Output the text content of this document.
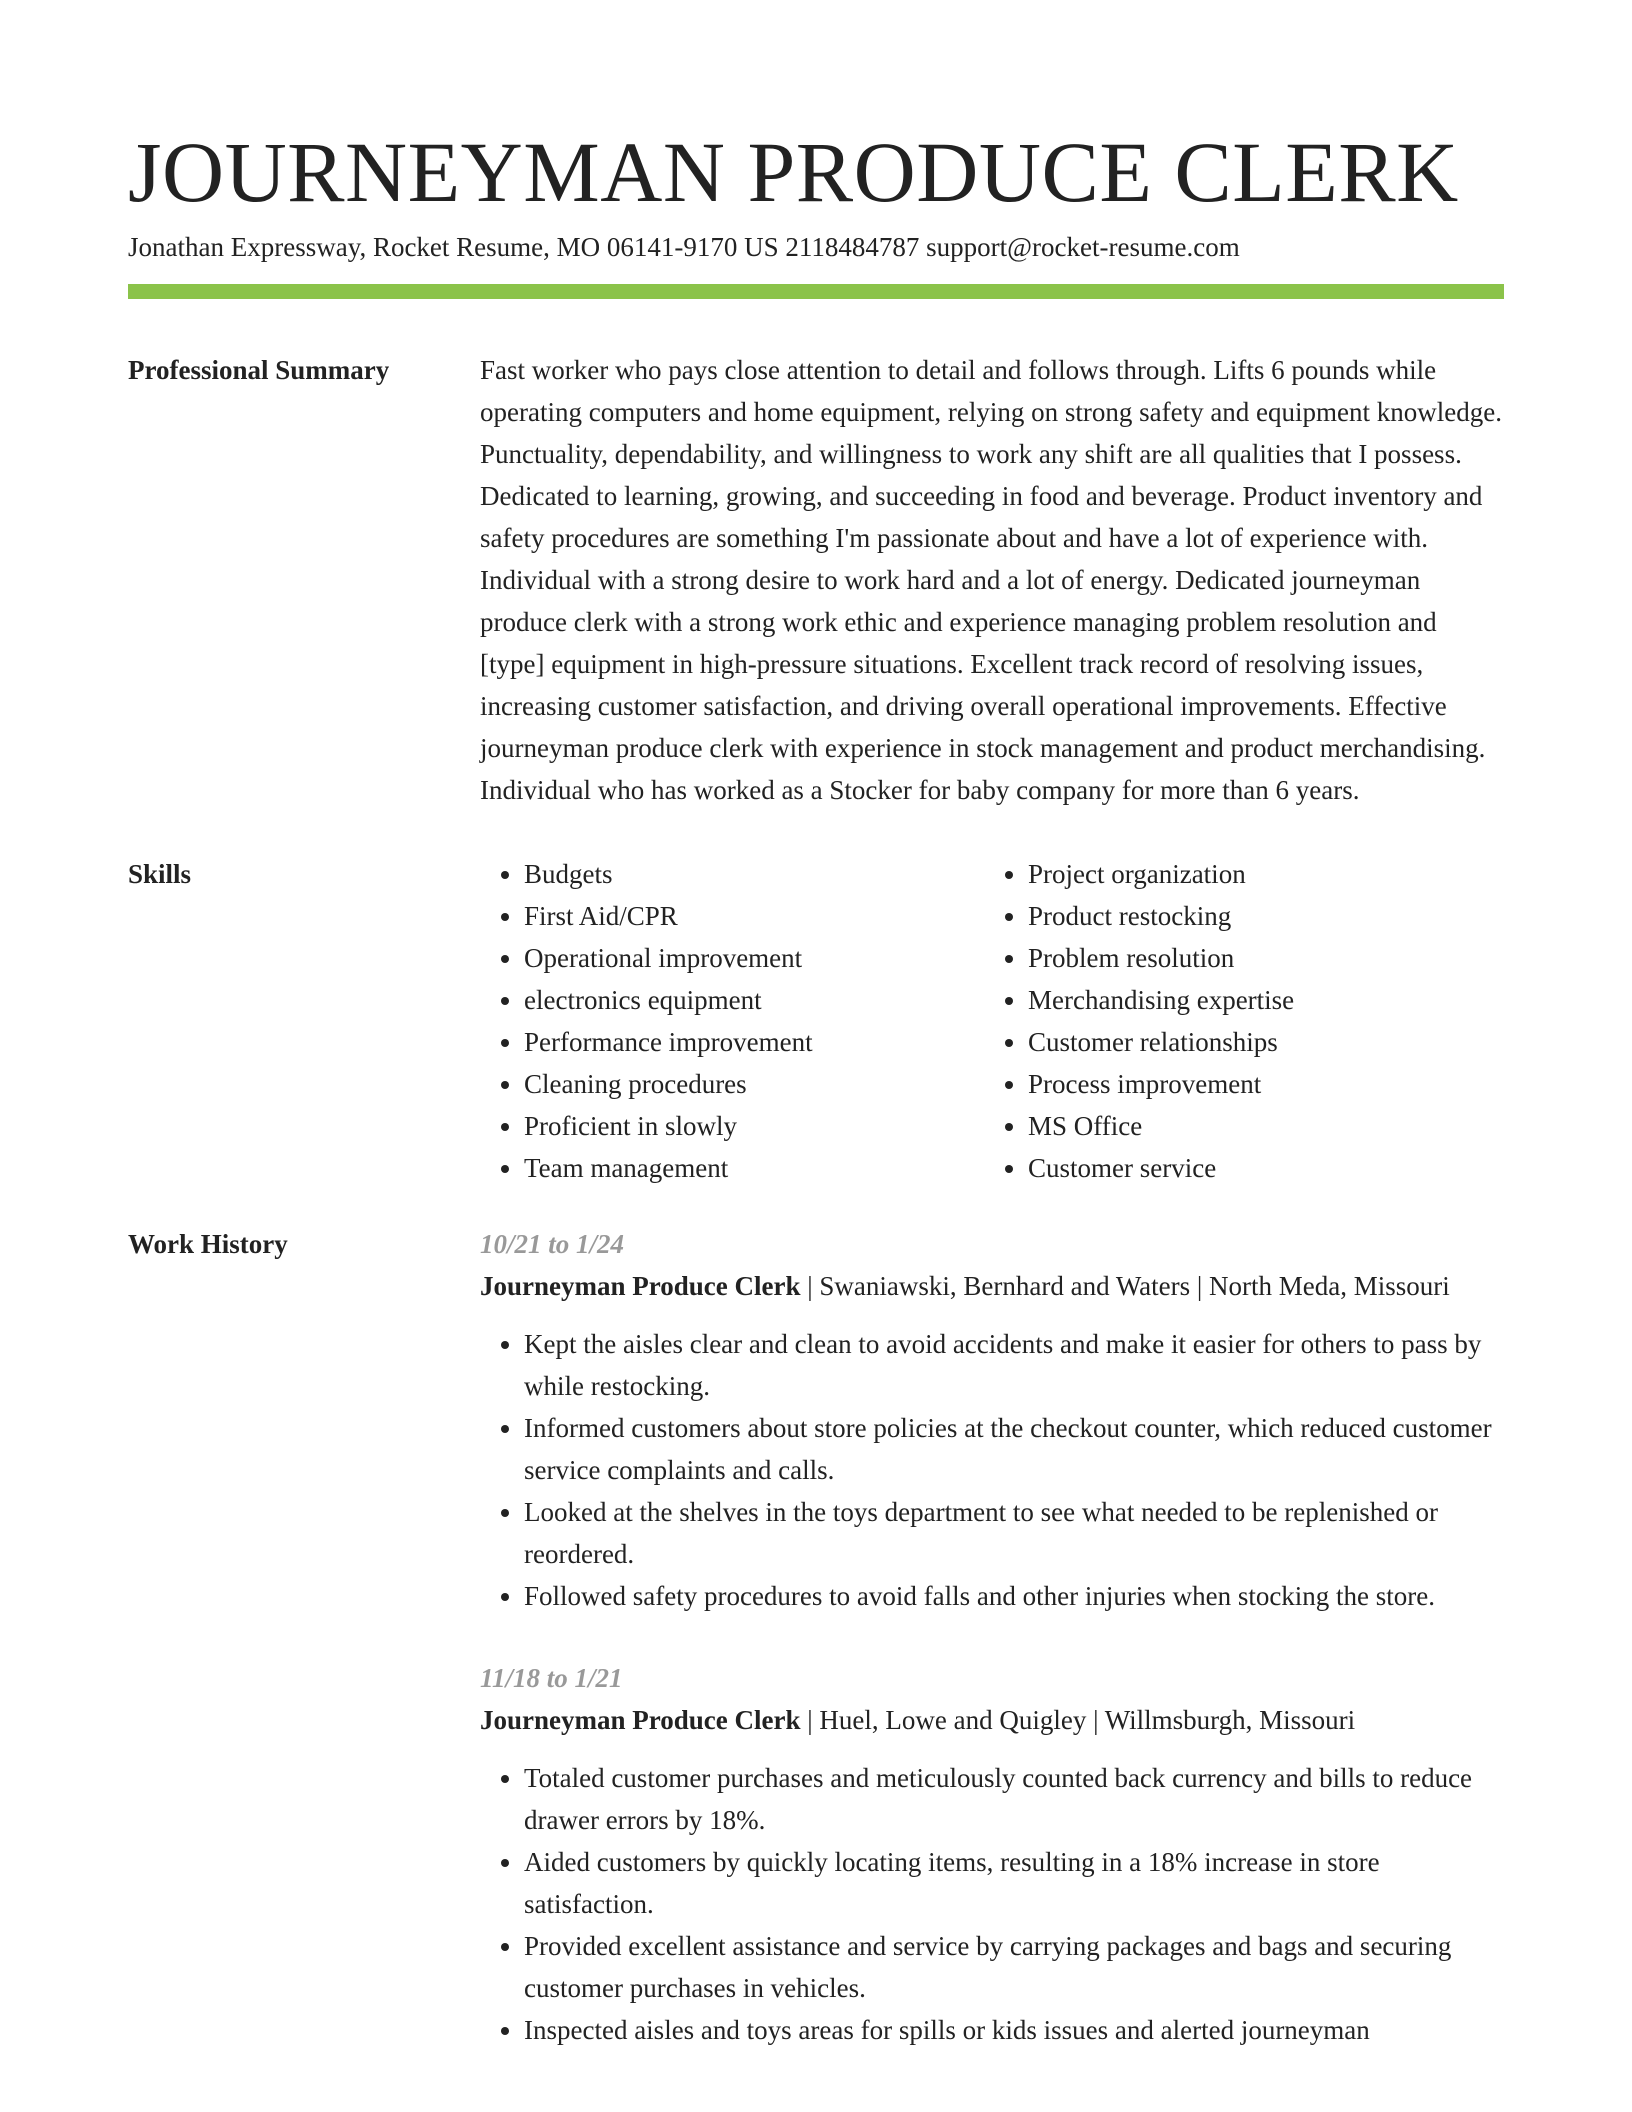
JOURNEYMAN PRODUCE CLERK
Jonathan Expressway, Rocket Resume, MO 06141-9170 US 2118484787 support@rocket-resume.com
Professional Summary	Fast worker who pays close attention to detail and follows through. Lifts 6 pounds while operating computers and home equipment, relying on strong safety and equipment knowledge. Punctuality, dependability, and willingness to work any shift are all qualities that I possess. Dedicated to learning, growing, and succeeding in food and beverage. Product inventory and safety procedures are something I'm passionate about and have a lot of experience with. Individual with a strong desire to work hard and a lot of energy. Dedicated journeyman produce clerk with a strong work ethic and experience managing problem resolution and [type] equipment in high-pressure situations. Excellent track record of resolving issues, increasing customer satisfaction, and driving overall operational improvements. Effective journeyman produce clerk with experience in stock management and product merchandising. Individual who has worked as a Stocker for baby company for more than 6 years.

Skills
•	Budgets
• First Aid/CPR
• Operational improvement
• electronics equipment
• Performance improvement
• Cleaning procedures
• Proficient in slowly
• Team management
• Project organization
• Product restocking
• Problem resolution
• Merchandising expertise
• Customer relationships
• Process improvement
• MS Office
• Customer service
Work History	10/21 to 1/24
Journeyman Produce Clerk | Swaniawski, Bernhard and Waters | North Meda, Missouri
• Kept the aisles clear and clean to avoid accidents and make it easier for others to pass by while restocking.
• Informed customers about store policies at the checkout counter, which reduced customer service complaints and calls.
• Looked at the shelves in the toys department to see what needed to be replenished or reordered.
• Followed safety procedures to avoid falls and other injuries when stocking the store.
11/18 to 1/21
Journeyman Produce Clerk | Huel, Lowe and Quigley | Willmsburgh, Missouri
• Totaled customer purchases and meticulously counted back currency and bills to reduce drawer errors by 18%.
• Aided customers by quickly locating items, resulting in a 18% increase in store satisfaction.
• Provided excellent assistance and service by carrying packages and bags and securing customer purchases in vehicles.
• Inspected aisles and toys areas for spills or kids issues and alerted journeyman
